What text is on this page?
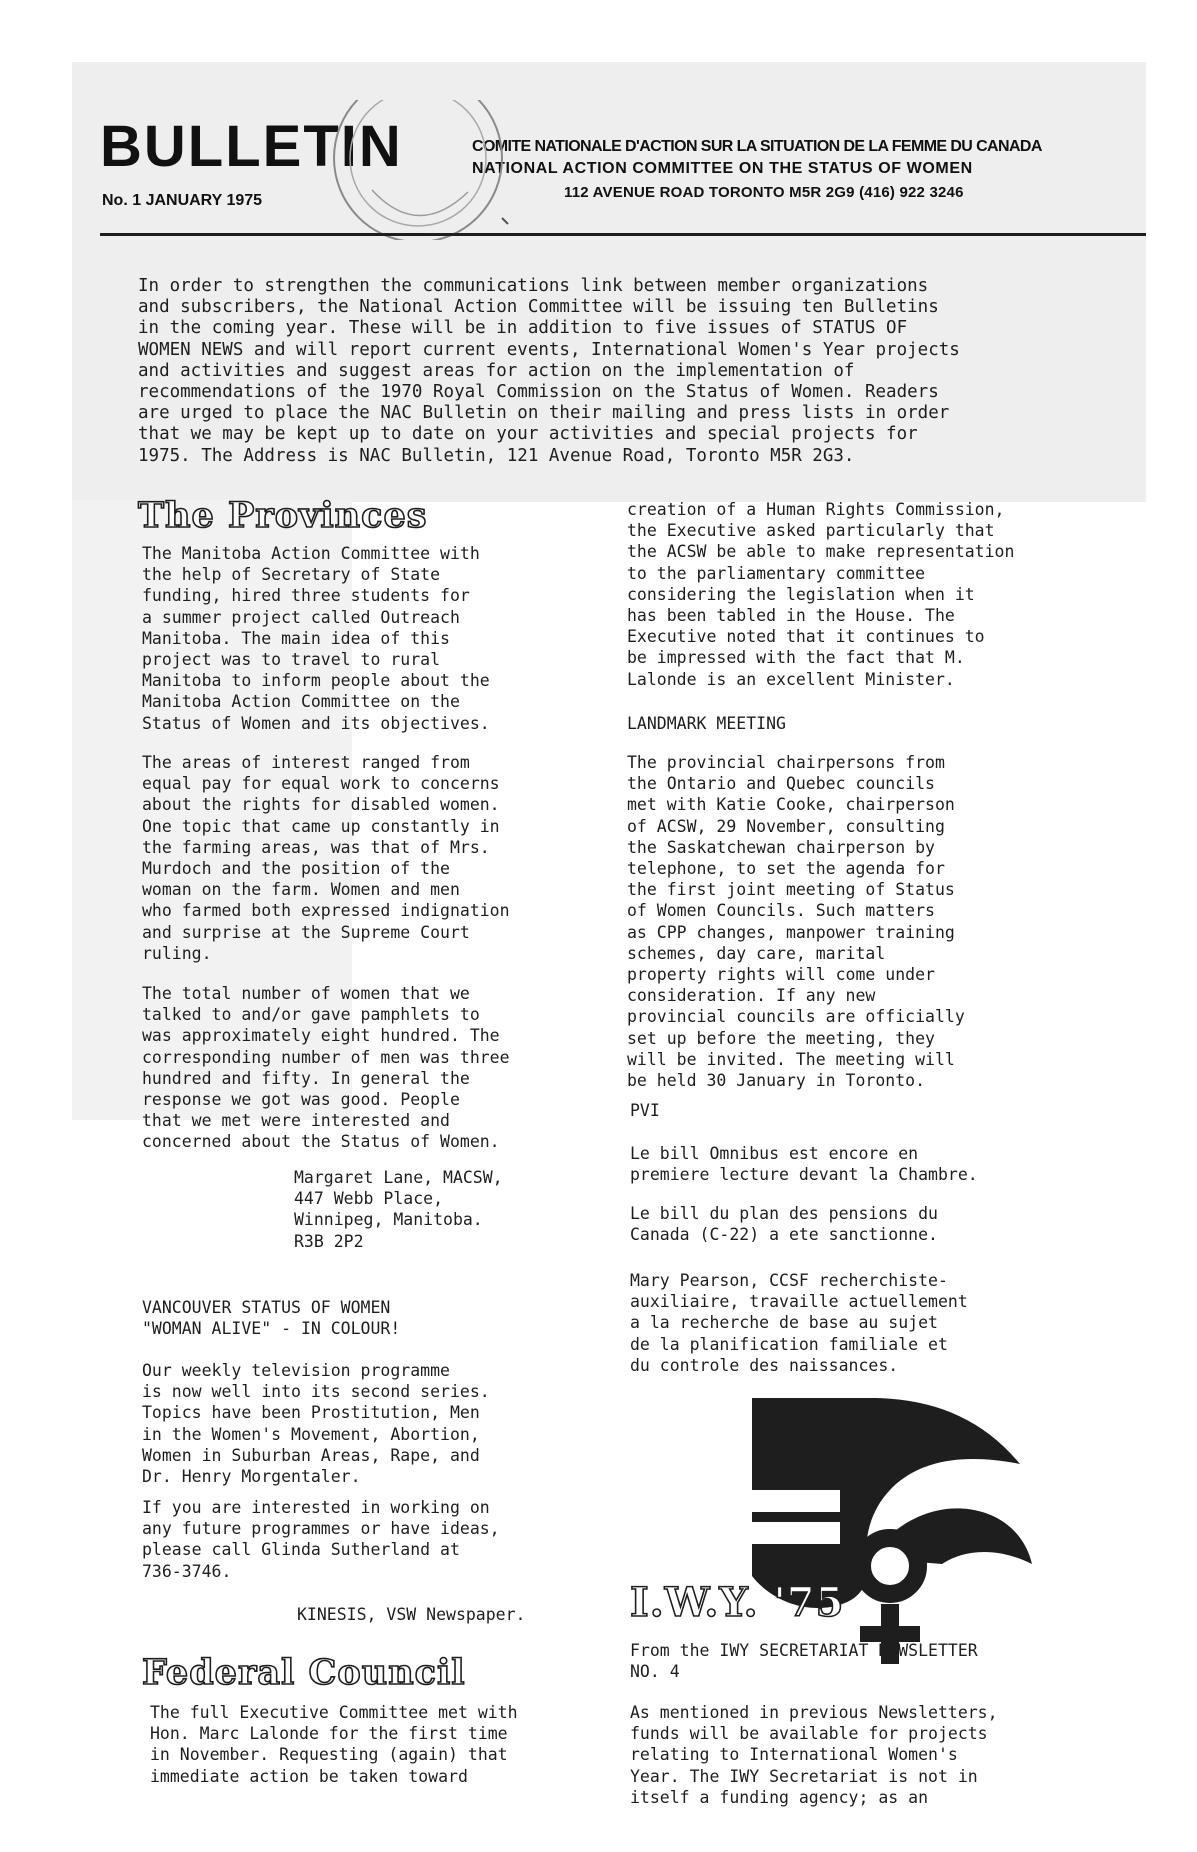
BULLETIN
No. 1 JANUARY 1975
COMITE NATIONALE D'ACTION SUR LA SITUATION DE LA FEMME DU CANADA
NATIONAL ACTION COMMITTEE ON THE STATUS OF WOMEN
112 AVENUE ROAD TORONTO M5R 2G9 (416) 922 3246

In order to strengthen the communications link between member organizations
and subscribers, the National Action Committee will be issuing ten Bulletins
in the coming year. These will be in addition to five issues of STATUS OF
WOMEN NEWS and will report current events, International Women's Year projects
and activities and suggest areas for action on the implementation of
recommendations of the 1970 Royal Commission on the Status of Women. Readers
are urged to place the NAC Bulletin on their mailing and press lists in order
that we may be kept up to date on your activities and special projects for
1975. The Address is NAC Bulletin, 121 Avenue Road, Toronto M5R 2G3.

The Provinces

The Manitoba Action Committee with
the help of Secretary of State
funding, hired three students for
a summer project called Outreach
Manitoba. The main idea of this
project was to travel to rural
Manitoba to inform people about the
Manitoba Action Committee on the
Status of Women and its objectives.

The areas of interest ranged from
equal pay for equal work to concerns
about the rights for disabled women.
One topic that came up constantly in
the farming areas, was that of Mrs.
Murdoch and the position of the
woman on the farm. Women and men
who farmed both expressed indignation
and surprise at the Supreme Court
ruling.

The total number of women that we
talked to and/or gave pamphlets to
was approximately eight hundred. The
corresponding number of men was three
hundred and fifty. In general the
response we got was good. People
that we met were interested and
concerned about the Status of Women.

Margaret Lane, MACSW,
447 Webb Place,
Winnipeg, Manitoba.
R3B 2P2

VANCOUVER STATUS OF WOMEN
"WOMAN ALIVE" - IN COLOUR!

Our weekly television programme
is now well into its second series.
Topics have been Prostitution, Men
in the Women's Movement, Abortion,
Women in Suburban Areas, Rape, and
Dr. Henry Morgentaler.

If you are interested in working on
any future programmes or have ideas,
please call Glinda Sutherland at
736-3746.

KINESIS, VSW Newspaper.

Federal Council

The full Executive Committee met with
Hon. Marc Lalonde for the first time
in November. Requesting (again) that
immediate action be taken toward

creation of a Human Rights Commission,
the Executive asked particularly that
the ACSW be able to make representation
to the parliamentary committee
considering the legislation when it
has been tabled in the House. The
Executive noted that it continues to
be impressed with the fact that M.
Lalonde is an excellent Minister.

LANDMARK MEETING

The provincial chairpersons from
the Ontario and Quebec councils
met with Katie Cooke, chairperson
of ACSW, 29 November, consulting
the Saskatchewan chairperson by
telephone, to set the agenda for
the first joint meeting of Status
of Women Councils. Such matters
as CPP changes, manpower training
schemes, day care, marital
property rights will come under
consideration. If any new
provincial councils are officially
set up before the meeting, they
will be invited. The meeting will
be held 30 January in Toronto.

PVI

Le bill Omnibus est encore en
premiere lecture devant la Chambre.

Le bill du plan des pensions du
Canada (C-22) a ete sanctionne.

Mary Pearson, CCSF recherchiste-
auxiliaire, travaille actuellement
a la recherche de base au sujet
de la planification familiale et
du controle des naissances.

I.W.Y. '75

From the IWY SECRETARIAT NEWSLETTER
NO. 4

As mentioned in previous Newsletters,
funds will be available for projects
relating to International Women's
Year. The IWY Secretariat is not in
itself a funding agency; as an
